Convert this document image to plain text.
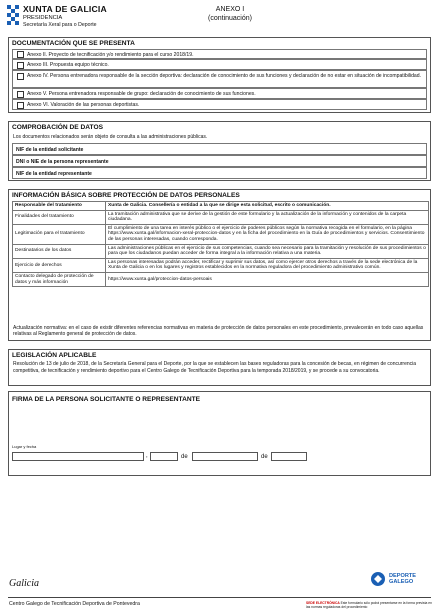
XUNTA DE GALICIA
PRESIDENCIA
Secretaría Xeral para o Deporte
ANEXO I
(continuación)
DOCUMENTACIÓN QUE SE PRESENTA
Anexo II. Proyecto de tecnificación y/o rendimiento para el curso 2018/19.
Anexo III. Propuesta equipo técnico.
Anexo IV. Persona entrenadora responsable de la sección deportiva: declaración de conocimiento de sus funciones y declaración de no estar en situación de incompatibilidad.
Anexo V. Persona entrenadora responsable de grupo: declaración de conocimiento de sus funciones.
Anexo VI. Valoración de las personas deportistas.
COMPROBACIÓN DE DATOS
Los documentos relacionados serán objeto de consulta a las administraciones públicas.
NIF de la entidad solicitante
DNI o NIE de la persona representante
NIF de la entidad representante
INFORMACIÓN BÁSICA SOBRE PROTECCIÓN DE DATOS PERSONALES
Responsable del tratamiento	Xunta de Galicia. Consellería o entidad a la que se dirige esta solicitud, escrito o comunicación.
Finalidades del tratamiento	La tramitación administrativa que se derive de la gestión de este formulario y la actualización de la información y contenidos de la carpeta ciudadana.
Legitimación para el tratamiento	El cumplimiento de una tarea en interés público o el ejercicio de poderes públicos según la normativa recogida en el formulario, en la página https://www.xunta.gal/informacion-xeral-proteccion-datos y en la ficha del procedimiento en la Guía de procedimientos y servicios. Consentimiento de las personas interesadas, cuando corresponda.
Destinatarios de los datos	Las administraciones públicas en el ejercicio de sus competencias, cuando sea necesario para la tramitación y resolución de sus procedimientos o para que los ciudadanos puedan acceder de forma integral a la información relativa a una materia.
Ejercicio de derechos	Las personas interesadas podrán acceder, rectificar y suprimir sus datos, así como ejercer otros derechos a través de la sede electrónica de la Xunta de Galicia o en los lugares y registros establecidos en la normativa reguladora del procedimiento administrativo común.
Contacto delegado de protección de datos y más información	https://www.xunta.gal/proteccion-datos-persoais
Actualización normativa: en el caso de existir diferentes referencias normativas en materia de protección de datos personales en este procedimiento, prevalecerán en todo caso aquellas relativas al Reglamento general de protección de datos.
LEGISLACIÓN APLICABLE
Resolución de 13 de julio de 2018, de la Secretaría General para el Deporte, por la que se establecen las bases reguladoras para la concesión de becas, en régimen de concurrencia competitiva, de tecnificación y rendimiento deportivo para el Centro Galego de Tecnificación Deportiva para la temporada 2018/2019, y se procede a su convocatoria.
FIRMA DE LA PERSONA SOLICITANTE O REPRESENTANTE
Lugar y fecha
,	de	de
Galicia
DEPORTE
GALEGO
Centro Galego de Tecnificación Deportiva de Pontevedra	SEDE ELECTRÓNICA Este formulario sólo podrá presentarse en la forma prevista en las normas reguladoras del procedimiento
